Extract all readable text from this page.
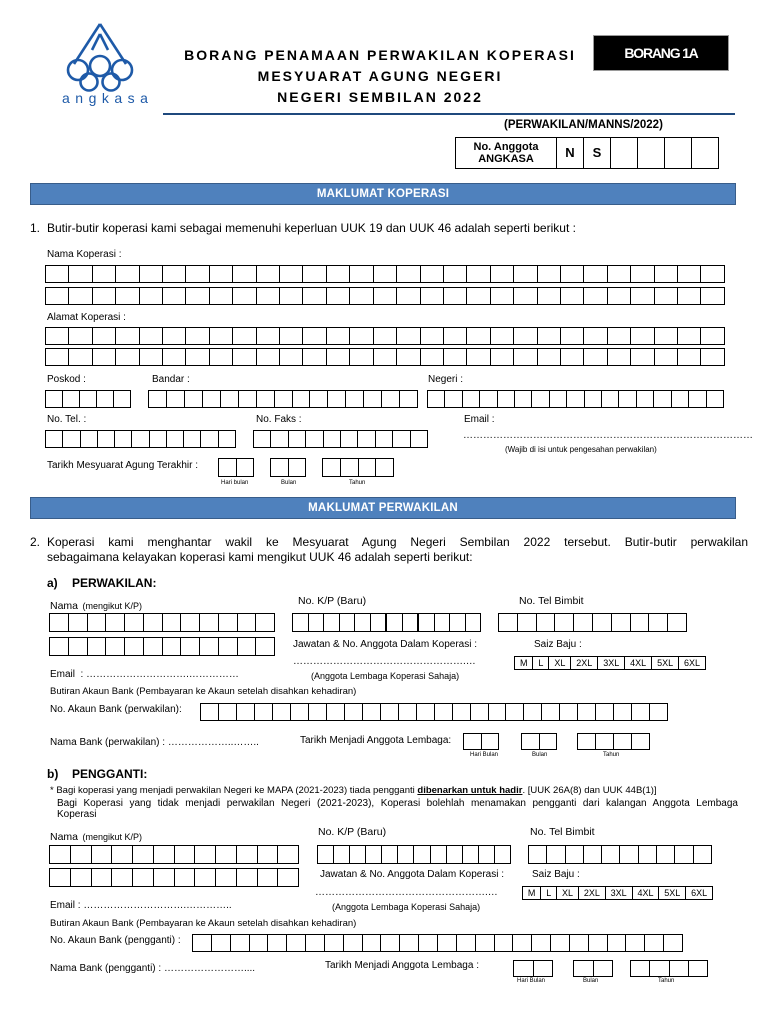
angkasa
BORANG PENAMAAN PERWAKILAN KOPERASI
MESYUARAT AGUNG NEGERI
NEGERI SEMBILAN 2022
BORANG 1A
(PERWAKILAN/MANNS/2022)
No. Anggota
ANGKASA	N	S
MAKLUMAT KOPERASI
1. Butir-butir koperasi kami sebagai memenuhi keperluan UUK 19 dan UUK 46 adalah seperti berikut :
Nama Koperasi :
Alamat Koperasi :
Poskod :	Bandar :	Negeri :
No. Tel. :	No. Faks :	Email :
……………………………………………………………………………
(Wajib di isi untuk pengesahan perwakilan)
Tarikh Mesyuarat Agung Terakhir :
Hari bulan	Bulan	Tahun
MAKLUMAT PERWAKILAN
2. Koperasi kami menghantar wakil ke Mesyuarat Agung Negeri Sembilan 2022 tersebut. Butir-butir perwakilan
sebagaimana kelayakan koperasi kami mengikut UUK 46 adalah seperti berikut:
a) PERWAKILAN:
Nama (mengikut K/P)	No. K/P (Baru)	No. Tel Bimbit
Jawatan & No. Anggota Dalam Koperasi :	Saiz Baju :
…………………………………………….…
(Anggota Lembaga Koperasi Sahaja)
M	L	XL	2XL	3XL	4XL	5XL	6XL
Email  : ………………………….……………
Butiran Akaun Bank (Pembayaran ke Akaun setelah disahkan kehadiran)
No. Akaun Bank (perwakilan):
Nama Bank (perwakilan) : ………………..……..	Tarikh Menjadi Anggota Lembaga:
Hari Bulan	Bulan	Tahun
b) PENGGANTI:
* Bagi koperasi yang menjadi perwakilan Negeri ke MAPA (2021-2023) tiada pengganti dibenarkan untuk hadir. [UUK 26A(8) dan UUK 44B(1)]
Bagi Koperasi yang tidak menjadi perwakilan Negeri (2021-2023), Koperasi bolehlah menamakan pengganti dari kalangan Anggota Lembaga
Koperasi
Nama (mengikut K/P)	No. K/P (Baru)	No. Tel Bimbit
Jawatan & No. Anggota Dalam Koperasi :	Saiz Baju :
…………………………………………….…
(Anggota Lembaga Koperasi Sahaja)
M	L	XL	2XL	3XL	4XL	5XL	6XL
Email : ………………………….…………..
Butiran Akaun Bank (Pembayaran ke Akaun setelah disahkan kehadiran)
No. Akaun Bank (pengganti) :
Nama Bank (pengganti) : ……………………....	Tarikh Menjadi Anggota Lembaga :
Hari Bulan	Bulan	Tahun
